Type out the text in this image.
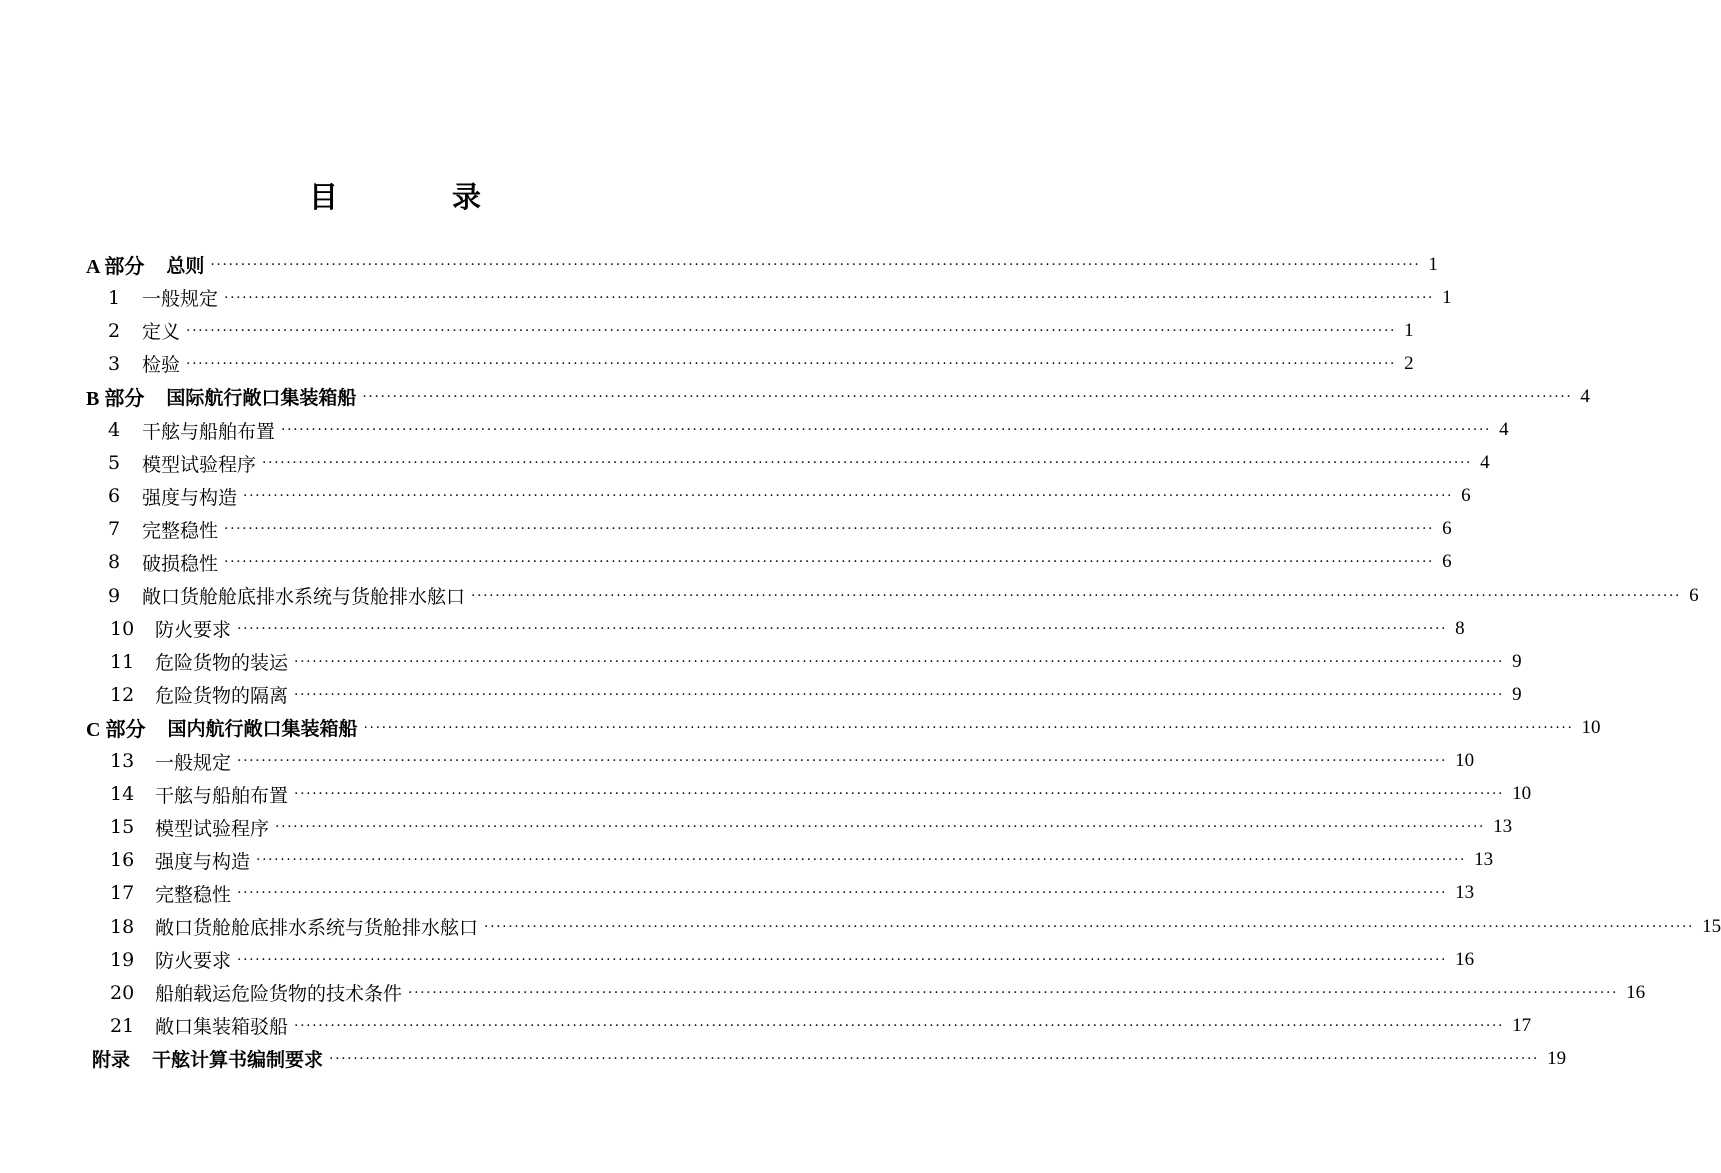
目 录
A 部分 总则 ········································································································································································································ 1
1	一般规定 ········································································································································································································ 1
2	定义 ········································································································································································································ 1
3	检验 ········································································································································································································ 2
B 部分 国际航行敞口集装箱船 ········································································································································································································ 4
4	干舷与船舶布置 ········································································································································································································ 4
5	模型试验程序 ········································································································································································································ 4
6	强度与构造 ········································································································································································································ 6
7	完整稳性 ········································································································································································································ 6
8	破损稳性 ········································································································································································································ 6
9	敞口货舱舱底排水系统与货舱排水舷口 ········································································································································································································ 6
10	防火要求 ········································································································································································································ 8
11	危险货物的装运 ········································································································································································································ 9
12	危险货物的隔离 ········································································································································································································ 9
C 部分 国内航行敞口集装箱船 ········································································································································································································ 10
13	一般规定 ········································································································································································································ 10
14	干舷与船舶布置 ········································································································································································································ 10
15	模型试验程序 ········································································································································································································ 13
16	强度与构造 ········································································································································································································ 13
17	完整稳性 ········································································································································································································ 13
18	敞口货舱舱底排水系统与货舱排水舷口 ········································································································································································································ 15
19	防火要求 ········································································································································································································ 16
20	船舶载运危险货物的技术条件 ········································································································································································································ 16
21	敞口集装箱驳船 ········································································································································································································ 17
附录 干舷计算书编制要求 ········································································································································································································ 19
